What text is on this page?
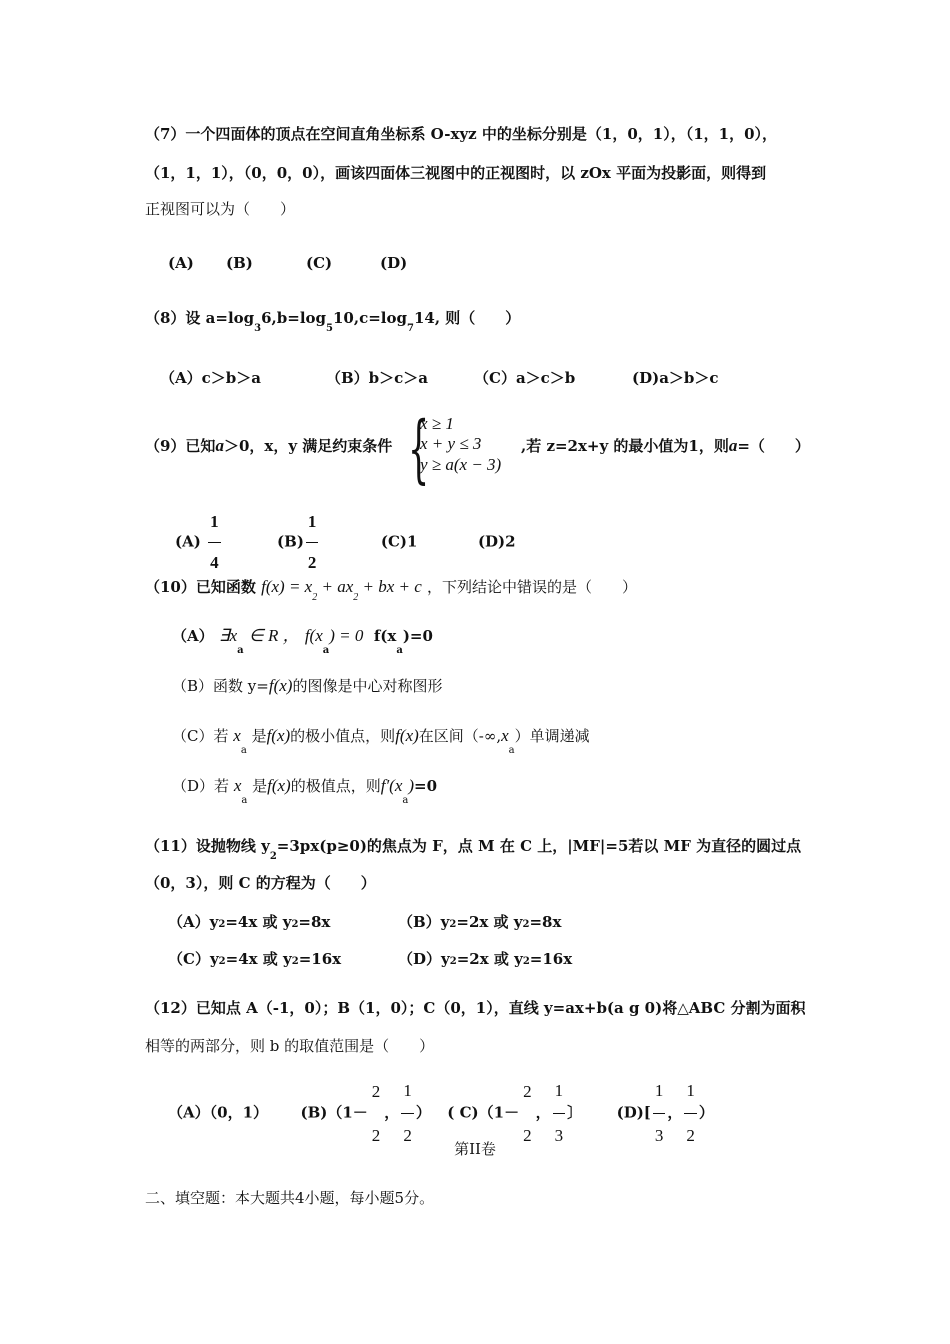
（7）一个四面体的顶点在空间直角坐标系 O-xyz 中的坐标分别是（1，0，1），（1，1，0），
（1，1，1），（0，0，0），画该四面体三视图中的正视图时，以 zOx 平面为投影面，则得到
正视图可以为（　　）
(A) (B)	(C)	(D)
（8）设 $a=\log_36,b=\log_510,c=\log_714$, 则（　　）
（A）c＞b＞a	（B）b＞c＞a	（C）a＞c＞b	(D)a＞b＞c
（9）已知a＞0，x，y 满足约束条件 {
x ≥ 1
x + y ≤ 3
y ≥ a(x − 3)
,若 z=2x+y 的最小值为1，则a=（　　）
$(A) \frac{1}{4}$	$(B) \frac{1}{2}$	(C)1	(D)2
（10）已知函数 $f(x) = x_2 + ax_2$ + bx + c ，下列结论中错误的是（　　）
（A） $\exists x_a$ ∈ R ， $f(x_a) = 0$ $f(x_a)=0$
（B）函数 y=f(x)的图像是中心对称图形
（C）若 $x_a$ 是f(x)的极小值点，则f(x)在区间$(-\infty,x_a)$单调递减
（D）若 $x_a$ 是f(x)的极值点，则$f'(x_a)=0$
（11）设抛物线 $y_2=3px(p\ge 0)$的焦点为 F，点 M 在 C 上，|MF|=5若以 MF 为直径的圆过点
（0，3），则 C 的方程为（　　）
（A）y2=4x 或 y2=8x	（B）y2=2x 或 y2=8x
（C）y2=4x 或 y2=16x	（D）y2=2x 或 y2=16x
（12）已知点 A（-1，0）；B（1，0）；C（0，1），直线 y=ax+b(a g 0)将△ABC 分割为面积
相等的两部分，则 b 的取值范围是（　　）
（A）（0，1） (B)（1－
2
2
， $\frac{1}{2}$ ） ( C)（1－
2
2
， $\frac{1}{3}$ 〕 $(D)[ \frac{1}{3}$ ， $\frac{1}{2}$ ）
第II卷
二、填空题：本大题共4小题，每小题5分。
